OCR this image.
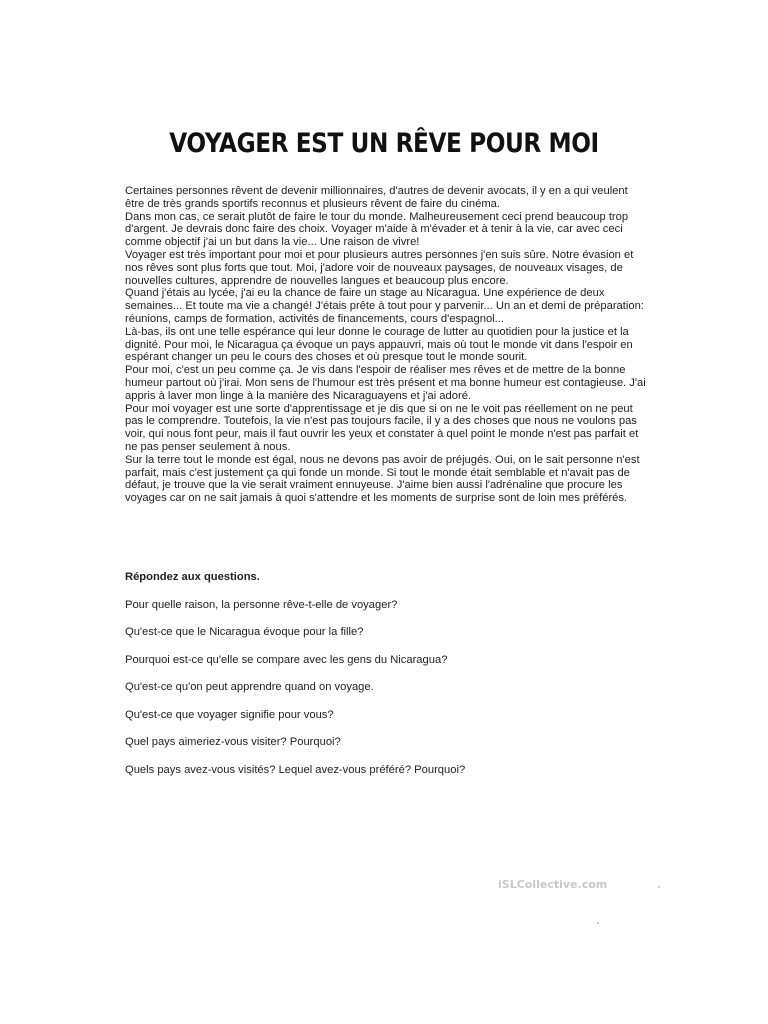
VOYAGER EST UN RÊVE POUR MOI

Certaines personnes rêvent de devenir millionnaires, d'autres de devenir avocats, il y en a qui veulent être de très grands sportifs reconnus et plusieurs rêvent de faire du cinéma.

Dans mon cas, ce serait plutôt de faire le tour du monde. Malheureusement ceci prend beaucoup trop d'argent. Je devrais donc faire des choix. Voyager m'aide à m'évader et à tenir à la vie, car avec ceci comme objectif j'ai un but dans la vie... Une raison de vivre!

Voyager est très important pour moi et pour plusieurs autres personnes j'en suis sûre. Notre évasion et nos rêves sont plus forts que tout. Moi, j'adore voir de nouveaux paysages, de nouveaux visages, de nouvelles cultures, apprendre de nouvelles langues et beaucoup plus encore.

Quand j'étais au lycée, j'ai eu la chance de faire un stage au Nicaragua. Une expérience de deux semaines... Et toute ma vie a changé! J'étais prête à tout pour y parvenir... Un an et demi de préparation: réunions, camps de formation, activités de financements, cours d'espagnol...

Là-bas, ils ont une telle espérance qui leur donne le courage de lutter au quotidien pour la justice et la dignité. Pour moi, le Nicaragua ça évoque un pays appauvri, mais où tout le monde vit dans l'espoir en espérant changer un peu le cours des choses et où presque tout le monde sourit.

Pour moi, c'est un peu comme ça. Je vis dans l'espoir de réaliser mes rêves et de mettre de la bonne humeur partout où j'irai. Mon sens de l'humour est très présent et ma bonne humeur est contagieuse. J'ai appris à laver mon linge à la manière des Nicaraguayens et j'ai adoré.

Pour moi voyager est une sorte d'apprentissage et je dis que si on ne le voit pas réellement on ne peut pas le comprendre. Toutefois, la vie n'est pas toujours facile, il y a des choses que nous ne voulons pas voir, qui nous font peur, mais il faut ouvrir les yeux et constater à quel point le monde n'est pas parfait et ne pas penser seulement à nous.

Sur la terre tout le monde est égal, nous ne devons pas avoir de préjugés. Oui, on le sait personne n'est parfait, mais c'est justement ça qui fonde un monde. Si tout le monde était semblable et n'avait pas de défaut, je trouve que la vie serait vraiment ennuyeuse. J'aime bien aussi l'adrénaline que procure les voyages car on ne sait jamais à quoi s'attendre et les moments de surprise sont de loin mes préférés.

Répondez aux questions.

Pour quelle raison, la personne rêve-t-elle de voyager?

Qu'est-ce que le Nicaragua évoque pour la fille?

Pourquoi est-ce qu'elle se compare avec les gens du Nicaragua?

Qu'est-ce qu'on peut apprendre quand on voyage.

Qu'est-ce que voyager signifie pour vous?

Quel pays aimeriez-vous visiter? Pourquoi?

Quels pays avez-vous visités? Lequel avez-vous préféré? Pourquoi?

iSLCollective.com
